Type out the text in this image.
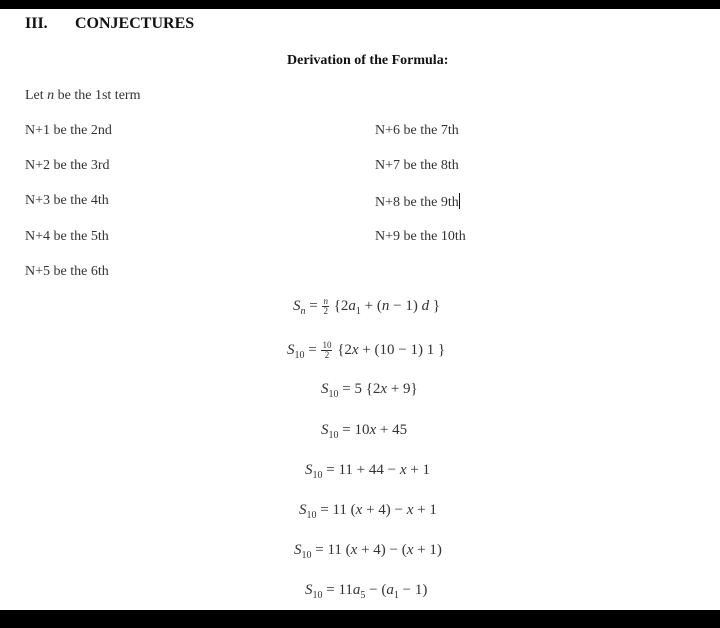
III. CONJECTURES
Derivation of the Formula:
Let n be the 1st term
N+1 be the 2nd
N+2 be the 3rd
N+3 be the 4th
N+4 be the 5th
N+5 be the 6th
N+6 be the 7th
N+7 be the 8th
N+8 be the 9th
N+9 be the 10th
$S_n = \frac{n}{2} \{2a_1 + (n - 1)$ d }
$S_{10} = \frac{10}{2} \{2x + (10 - 1)$ 1 }
$S_{10} = 5$ {2x + 9}
$S_{10} = 10x + 45$
$S_{10} = 11 + 44 - x + 1$
$S_{10} = 11$ (x + 4) − x + 1
$S_{10} = 11$ (x + 4) − (x + 1)
$S_{10} = 11a_5 - (a_1 - 1)$
